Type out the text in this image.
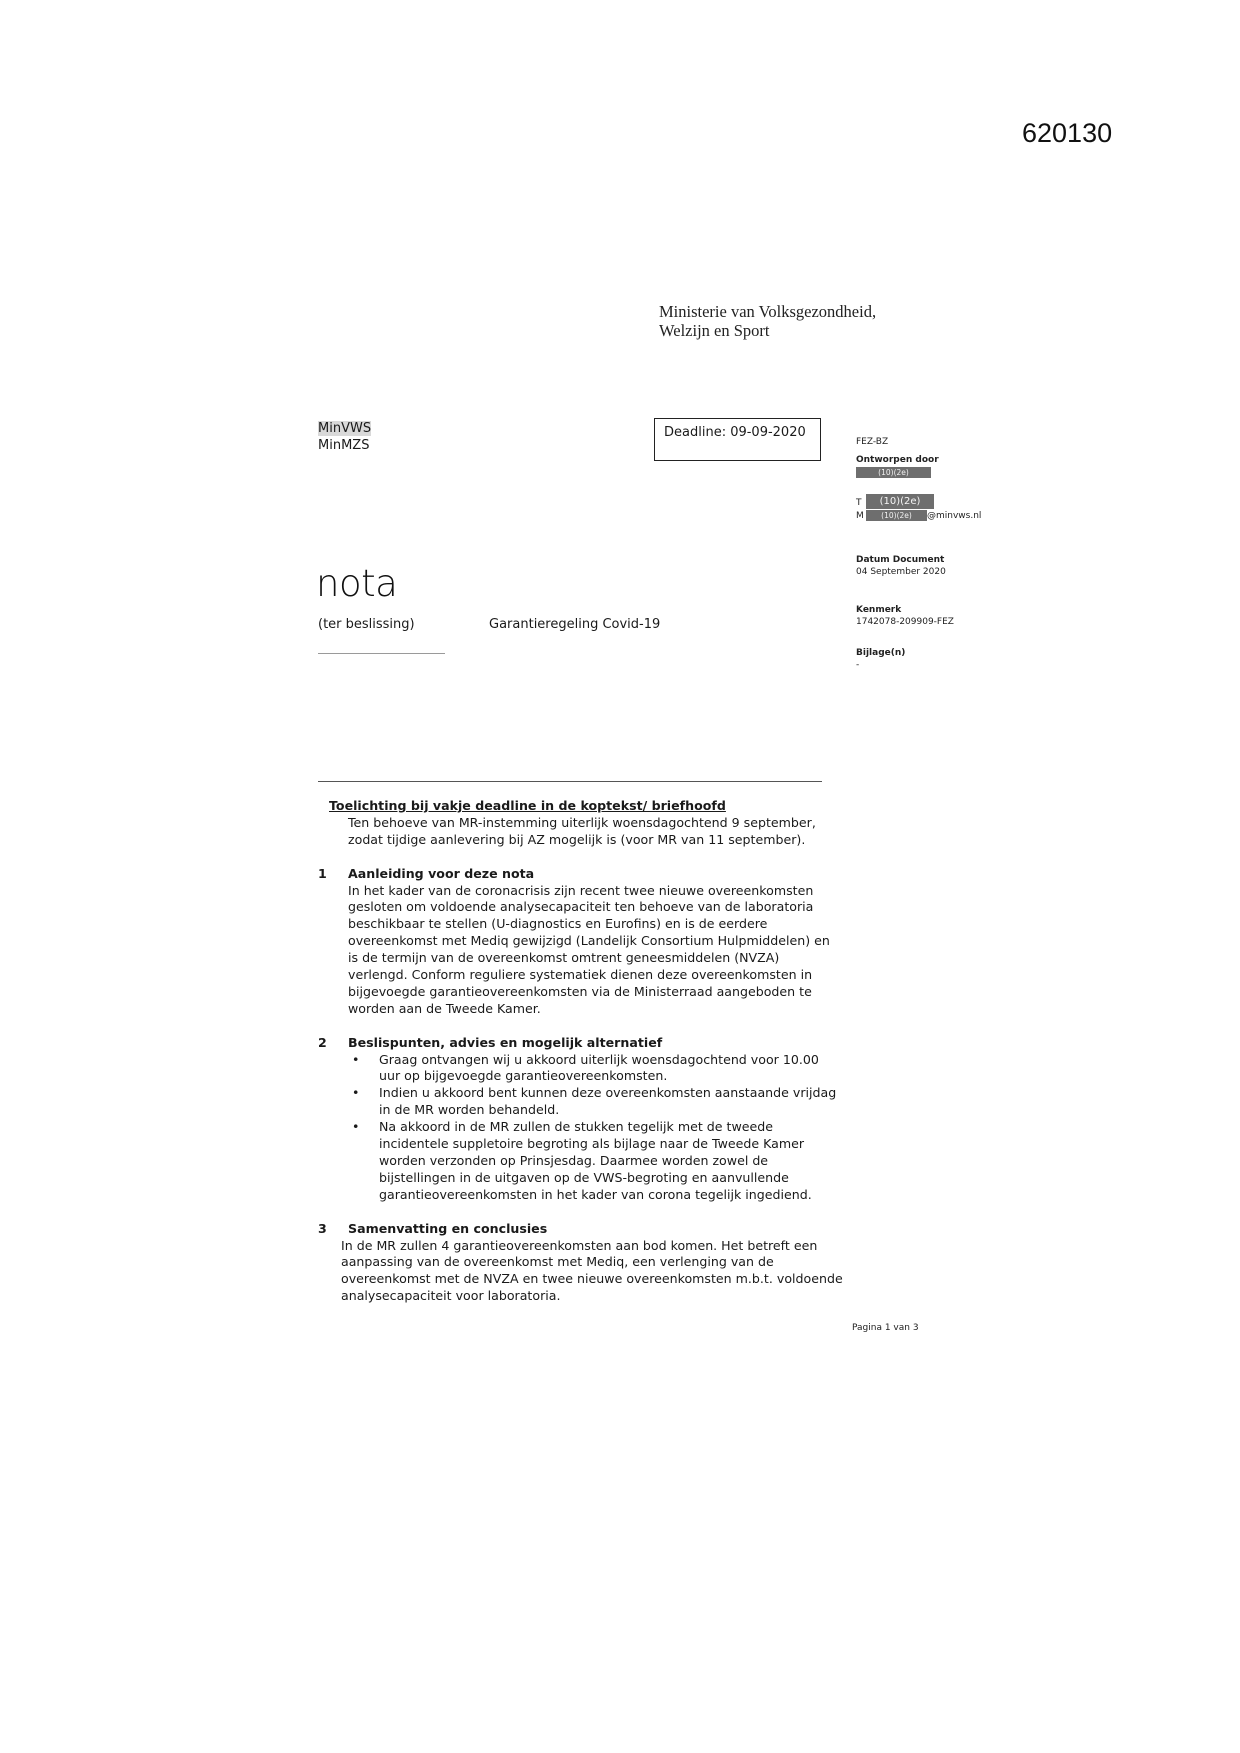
620130
Ministerie van Volksgezondheid,
Welzijn en Sport
MinVWS
MinMZS
Deadline: 09-09-2020
nota
(ter beslissing)	Garantieregeling Covid-19
FEZ-BZ
Ontworpen door
(10)(2e)
T (10)(2e)
M (10)(2e) @minvws.nl
Datum Document
04 September 2020
Kenmerk
1742078-209909-FEZ
Bijlage(n)
-

Toelichting bij vakje deadline in de koptekst/ briefhoofd

Ten behoeve van MR-instemming uiterlijk woensdagochtend 9 september,

zodat tijdige aanlevering bij AZ mogelijk is (voor MR van 11 september).

1	Aanleiding voor deze nota

In het kader van de coronacrisis zijn recent twee nieuwe overeenkomsten

gesloten om voldoende analysecapaciteit ten behoeve van de laboratoria

beschikbaar te stellen (U-diagnostics en Eurofins) en is de eerdere

overeenkomst met Mediq gewijzigd (Landelijk Consortium Hulpmiddelen) en

is de termijn van de overeenkomst omtrent geneesmiddelen (NVZA)

verlengd. Conform reguliere systematiek dienen deze overeenkomsten in

bijgevoegde garantieovereenkomsten via de Ministerraad aangeboden te

worden aan de Tweede Kamer.

2	Beslispunten, advies en mogelijk alternatief
•	Graag ontvangen wij u akkoord uiterlijk woensdagochtend voor 10.00
uur op bijgevoegde garantieovereenkomsten.
•	Indien u akkoord bent kunnen deze overeenkomsten aanstaande vrijdag
in de MR worden behandeld.
•	Na akkoord in de MR zullen de stukken tegelijk met de tweede
incidentele suppletoire begroting als bijlage naar de Tweede Kamer
worden verzonden op Prinsjesdag. Daarmee worden zowel de
bijstellingen in de uitgaven op de VWS-begroting en aanvullende
garantieovereenkomsten in het kader van corona tegelijk ingediend.
3	Samenvatting en conclusies

In de MR zullen 4 garantieovereenkomsten aan bod komen. Het betreft een

aanpassing van de overeenkomst met Mediq, een verlenging van de

overeenkomst met de NVZA en twee nieuwe overeenkomsten m.b.t. voldoende

analysecapaciteit voor laboratoria.

Pagina 1 van 3
